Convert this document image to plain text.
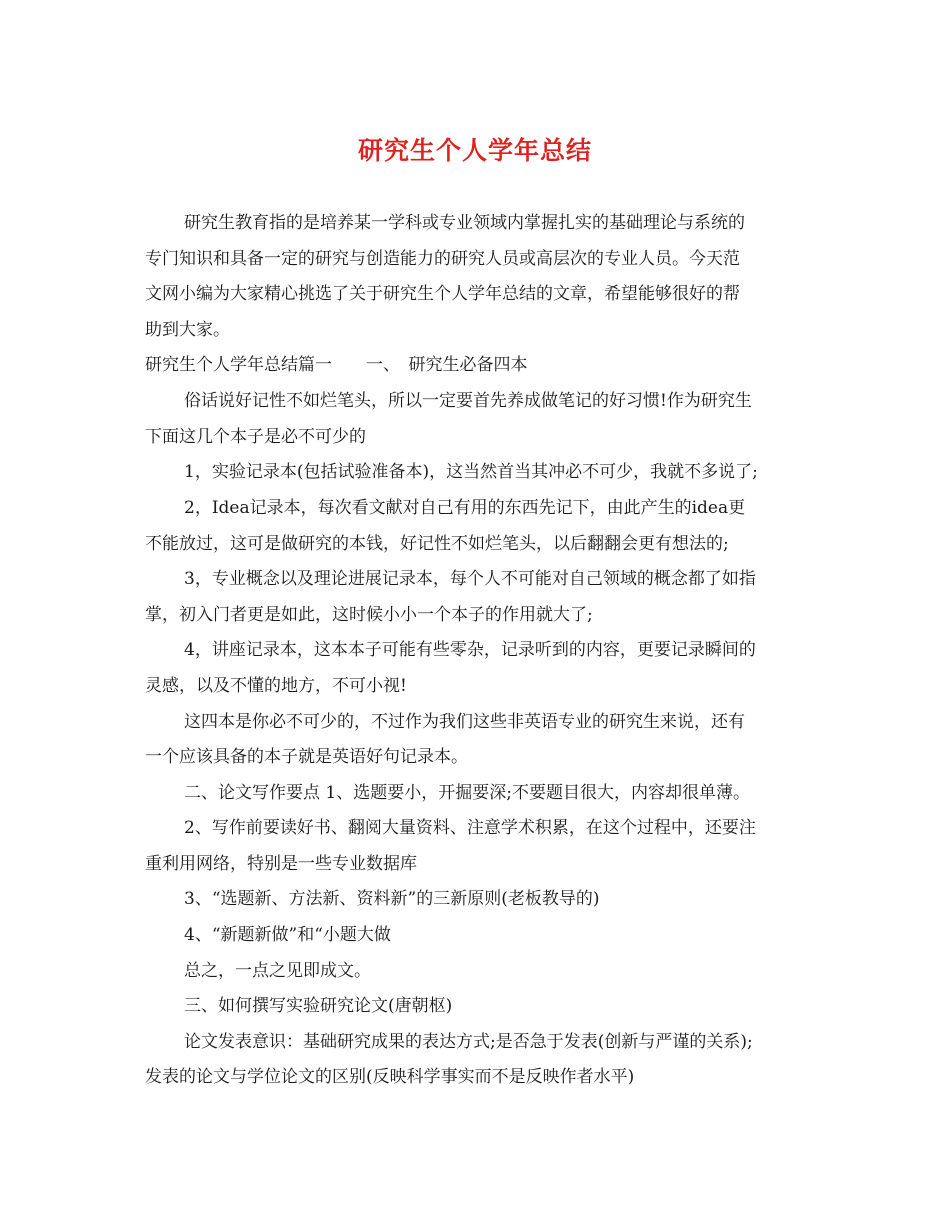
研究生个人学年总结
研究生教育指的是培养某一学科或专业领域内掌握扎实的基础理论与系统的
专门知识和具备一定的研究与创造能力的研究人员或高层次的专业人员。今天范
文网小编为大家精心挑选了关于研究生个人学年总结的文章，希望能够很好的帮
助到大家。
研究生个人学年总结篇一　　一、　研究生必备四本
俗话说好记性不如烂笔头，所以一定要首先养成做笔记的好习惯!作为研究生
下面这几个本子是必不可少的
1，实验记录本(包括试验准备本)，这当然首当其冲必不可少，我就不多说了;
2，Idea记录本，每次看文献对自己有用的东西先记下，由此产生的idea更
不能放过，这可是做研究的本钱，好记性不如烂笔头，以后翻翻会更有想法的;
3，专业概念以及理论进展记录本，每个人不可能对自己领域的概念都了如指
掌，初入门者更是如此，这时候小小一个本子的作用就大了;
4，讲座记录本，这本本子可能有些零杂，记录听到的内容，更要记录瞬间的
灵感，以及不懂的地方，不可小视!
这四本是你必不可少的，不过作为我们这些非英语专业的研究生来说，还有
一个应该具备的本子就是英语好句记录本。
二、论文写作要点 1、选题要小，开掘要深;不要题目很大，内容却很单薄。
2、写作前要读好书、翻阅大量资料、注意学术积累，在这个过程中，还要注
重利用网络，特别是一些专业数据库
3、“选题新、方法新、资料新”的三新原则(老板教导的)
4、“新题新做”和“小题大做
总之，一点之见即成文。
三、如何撰写实验研究论文(唐朝枢)
论文发表意识：基础研究成果的表达方式;是否急于发表(创新与严谨的关系);
发表的论文与学位论文的区别(反映科学事实而不是反映作者水平)
